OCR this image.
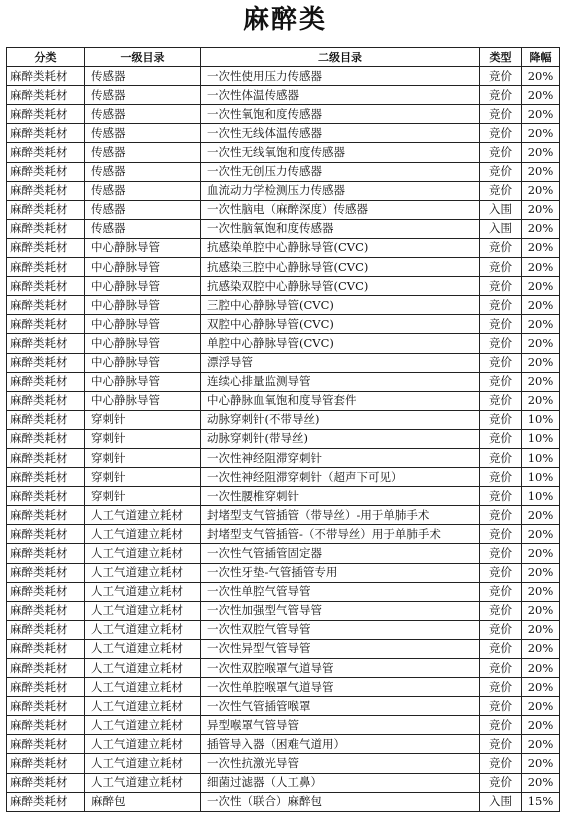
麻醉类
分类	一级目录	二级目录	类型	降幅
麻醉类耗材	传感器	一次性使用压力传感器	竞价	20%
麻醉类耗材	传感器	一次性体温传感器	竞价	20%
麻醉类耗材	传感器	一次性氧饱和度传感器	竞价	20%
麻醉类耗材	传感器	一次性无线体温传感器	竞价	20%
麻醉类耗材	传感器	一次性无线氧饱和度传感器	竞价	20%
麻醉类耗材	传感器	一次性无创压力传感器	竞价	20%
麻醉类耗材	传感器	血流动力学检测压力传感器	竞价	20%
麻醉类耗材	传感器	一次性脑电（麻醉深度）传感器	入围	20%
麻醉类耗材	传感器	一次性脑氧饱和度传感器	入围	20%
麻醉类耗材	中心静脉导管	抗感染单腔中心静脉导管(CVC)	竞价	20%
麻醉类耗材	中心静脉导管	抗感染三腔中心静脉导管(CVC)	竞价	20%
麻醉类耗材	中心静脉导管	抗感染双腔中心静脉导管(CVC)	竞价	20%
麻醉类耗材	中心静脉导管	三腔中心静脉导管(CVC)	竞价	20%
麻醉类耗材	中心静脉导管	双腔中心静脉导管(CVC)	竞价	20%
麻醉类耗材	中心静脉导管	单腔中心静脉导管(CVC)	竞价	20%
麻醉类耗材	中心静脉导管	漂浮导管	竞价	20%
麻醉类耗材	中心静脉导管	连续心排量监测导管	竞价	20%
麻醉类耗材	中心静脉导管	中心静脉血氧饱和度导管套件	竞价	20%
麻醉类耗材	穿刺针	动脉穿刺针(不带导丝)	竞价	10%
麻醉类耗材	穿刺针	动脉穿刺针(带导丝)	竞价	10%
麻醉类耗材	穿刺针	一次性神经阻滞穿刺针	竞价	10%
麻醉类耗材	穿刺针	一次性神经阻滞穿刺针（超声下可见）	竞价	10%
麻醉类耗材	穿刺针	一次性腰椎穿刺针	竞价	10%
麻醉类耗材	人工气道建立耗材	封堵型支气管插管（带导丝）-用于单肺手术	竞价	20%
麻醉类耗材	人工气道建立耗材	封堵型支气管插管-（不带导丝）用于单肺手术	竞价	20%
麻醉类耗材	人工气道建立耗材	一次性气管插管固定器	竞价	20%
麻醉类耗材	人工气道建立耗材	一次性牙垫-气管插管专用	竞价	20%
麻醉类耗材	人工气道建立耗材	一次性单腔气管导管	竞价	20%
麻醉类耗材	人工气道建立耗材	一次性加强型气管导管	竞价	20%
麻醉类耗材	人工气道建立耗材	一次性双腔气管导管	竞价	20%
麻醉类耗材	人工气道建立耗材	一次性异型气管导管	竞价	20%
麻醉类耗材	人工气道建立耗材	一次性双腔喉罩气道导管	竞价	20%
麻醉类耗材	人工气道建立耗材	一次性单腔喉罩气道导管	竞价	20%
麻醉类耗材	人工气道建立耗材	一次性气管插管喉罩	竞价	20%
麻醉类耗材	人工气道建立耗材	异型喉罩气管导管	竞价	20%
麻醉类耗材	人工气道建立耗材	插管导入器（困难气道用）	竞价	20%
麻醉类耗材	人工气道建立耗材	一次性抗激光导管	竞价	20%
麻醉类耗材	人工气道建立耗材	细菌过滤器（人工鼻）	竞价	20%
麻醉类耗材	麻醉包	一次性（联合）麻醉包	入围	15%
